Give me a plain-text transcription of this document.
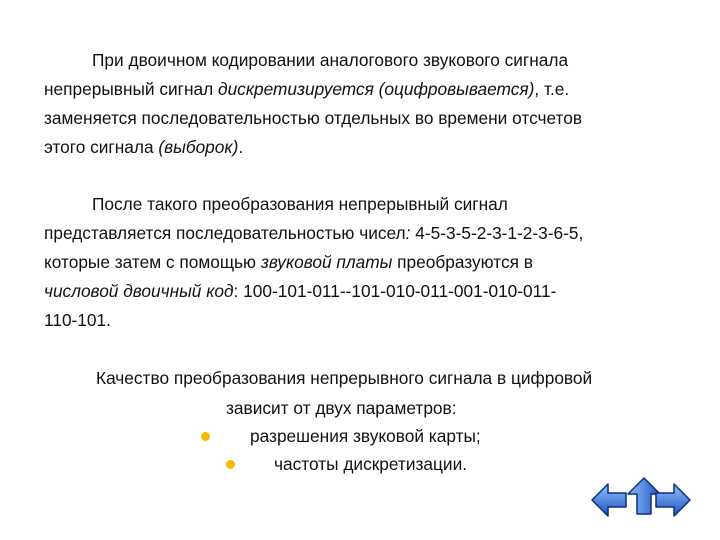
При двоичном кодировании аналогового звукового сигнала
непрерывный сигнал дискретизируется (оцифровывается), т.е.
заменяется последовательностью отдельных во времени отсчетов
этого сигнала (выборок).
После такого преобразования непрерывный сигнал
представляется последовательностью чисел: 4-5-3-5-2-3-1-2-3-6-5,
которые затем с помощью звуковой платы преобразуются в
числовой двоичный код: 100-101-011--101-010-011-001-010-011-
110-101.
Качество преобразования непрерывного сигнала в цифровой
зависит от двух параметров:
разрешения звуковой карты;
частоты дискретизации.
